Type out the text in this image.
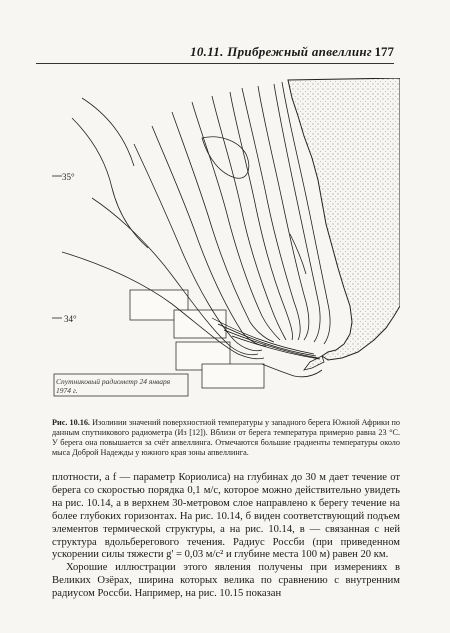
10.11. Прибрежный апвеллинг 177
35°
34°
Спутниковый радиометр 24 января 1974 г.
Рис. 10.16. Изолинии значений поверхностной температуры у западного берега Южной Африки по данным спутникового радиометра (Из [12]). Вблизи от берега температура примерно равна 23 °С. У берега она повышается за счёт апвеллинга. Отмечаются большие градиенты температуры около мыса Доброй Надежды у южного края зоны апвеллинга.

плотности, а f — параметр Кориолиса) на глубинах до 30 м дает течение от берега со скоростью порядка 0,1 м/с, которое можно действительно увидеть на рис. 10.14, а в верхнем 30-метровом слое направлено к берегу течение на более глубоких горизонтах. На рис. 10.14, б виден соответствующий подъем элементов термической структуры, а на рис. 10.14, в — связанная с ней структура вдольберегового течения. Радиус Россби (при приведенном ускорении силы тяжести g' = 0,03 м/с² и глубине места 100 м) равен 20 км.

Хорошие иллюстрации этого явления получены при измерениях в Великих Озёрах, ширина которых велика по сравнению с внутренним радиусом Россби. Например, на рис. 10.15 показан
